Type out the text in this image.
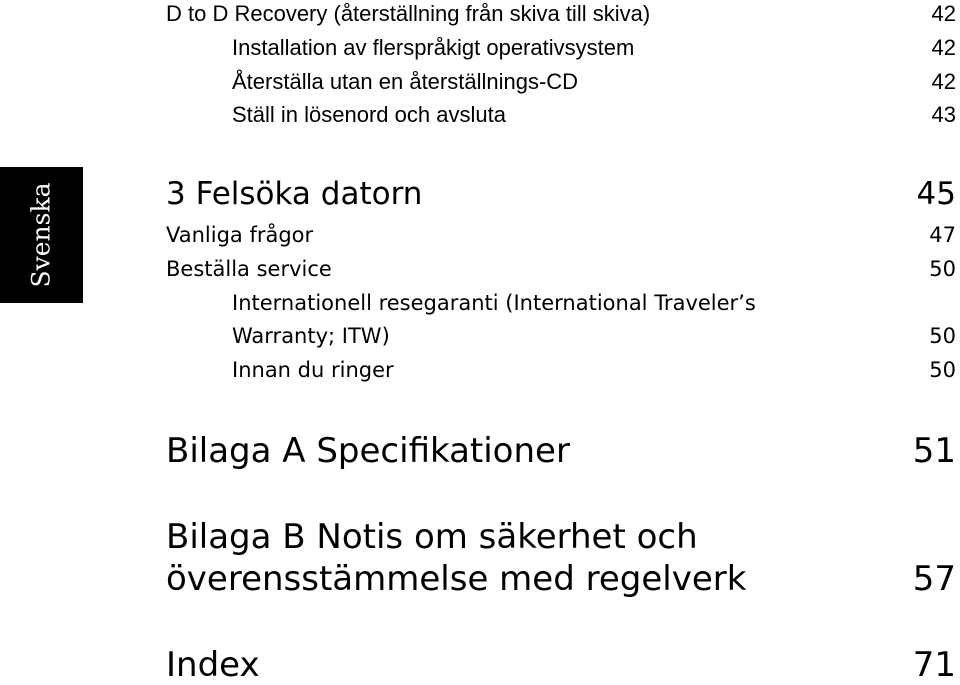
Svenska
D to D Recovery (återställning från skiva till skiva)	42
Installation av flerspråkigt operativsystem	42
Återställa utan en återställnings-CD	42
Ställ in lösenord och avsluta	43
3 Felsöka datorn	45
Vanliga frågor	47
Beställa service	50
Internationell resegaranti (International Traveler’s
Warranty; ITW)	50
Innan du ringer	50
Bilaga A Specifikationer	51
Bilaga B Notis om säkerhet och
överensstämmelse med regelverk	57
Index	71
